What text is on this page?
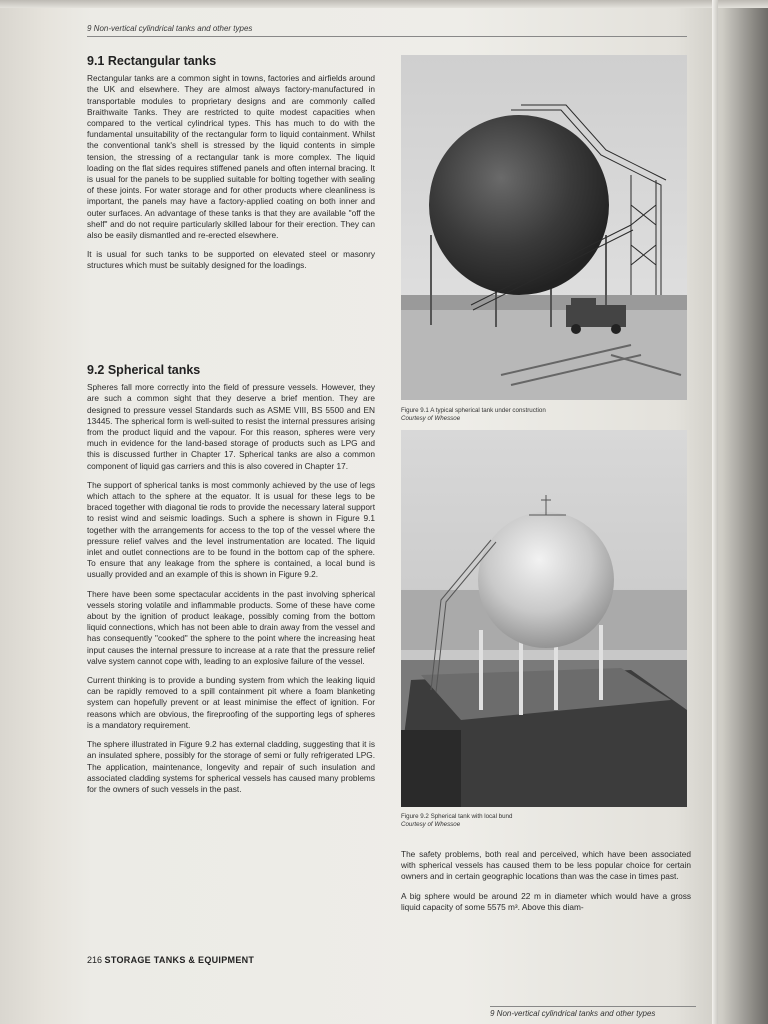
9 Non-vertical cylindrical tanks and other types
9.1 Rectangular tanks

Rectangular tanks are a common sight in towns, factories and airfields around the UK and elsewhere. They are almost always factory-manufactured in transportable modules to proprietary designs and are commonly called Braithwaite Tanks. They are restricted to quite modest capacities when compared to the vertical cylindrical types. This has much to do with the fundamental unsuitability of the rectangular form to liquid containment. Whilst the conventional tank's shell is stressed by the liquid contents in simple tension, the stressing of a rectangular tank is more complex. The liquid loading on the flat sides requires stiffened panels and often internal bracing. It is usual for the panels to be supplied suitable for bolting together with sealing of these joints. For water storage and for other products where cleanliness is important, the panels may have a factory-applied coating on both inner and outer surfaces. An advantage of these tanks is that they are available "off the shelf" and do not require particularly skilled labour for their erection. They can also be easily dismantled and re-erected elsewhere.

It is usual for such tanks to be supported on elevated steel or masonry structures which must be suitably designed for the loadings.

9.2 Spherical tanks

Spheres fall more correctly into the field of pressure vessels. However, they are such a common sight that they deserve a brief mention. They are designed to pressure vessel Standards such as ASME VIII, BS 5500 and EN 13445. The spherical form is well-suited to resist the internal pressures arising from the product liquid and the vapour. For this reason, spheres were very much in evidence for the land-based storage of products such as LPG and this is discussed further in Chapter 17. Spherical tanks are also a common component of liquid gas carriers and this is also covered in Chapter 17.

The support of spherical tanks is most commonly achieved by the use of legs which attach to the sphere at the equator. It is usual for these legs to be braced together with diagonal tie rods to provide the necessary lateral support to resist wind and seismic loadings. Such a sphere is shown in Figure 9.1 together with the arrangements for access to the top of the vessel where the pressure relief valves and the level instrumentation are located. The liquid inlet and outlet connections are to be found in the bottom cap of the sphere. To ensure that any leakage from the sphere is contained, a local bund is usually provided and an example of this is shown in Figure 9.2.

There have been some spectacular accidents in the past involving spherical vessels storing volatile and inflammable products. Some of these have come about by the ignition of product leakage, possibly coming from the bottom liquid connections, which has not been able to drain away from the vessel and has consequently "cooked" the sphere to the point where the increasing heat input causes the internal pressure to increase at a rate that the pressure relief valve system cannot cope with, leading to an explosive failure of the vessel.

Current thinking is to provide a bunding system from which the leaking liquid can be rapidly removed to a spill containment pit where a foam blanketing system can hopefully prevent or at least minimise the effect of ignition. For reasons which are obvious, the fireproofing of the supporting legs of spheres is a mandatory requirement.

The sphere illustrated in Figure 9.2 has external cladding, suggesting that it is an insulated sphere, possibly for the storage of semi or fully refrigerated LPG. The application, maintenance, longevity and repair of such insulation and associated cladding systems for spherical vessels has caused many problems for the owners of such vessels in the past.

Figure 9.1 A typical spherical tank under construction
Courtesy of Whessoe
Figure 9.2 Spherical tank with local bund
Courtesy of Whessoe

The safety problems, both real and perceived, which have been associated with spherical vessels has caused them to be less popular choice for certain owners and in certain geographic locations than was the case in times past.

A big sphere would be around 22 m in diameter which would have a gross liquid capacity of some 5575 m³. Above this diam-

216 STORAGE TANKS & EQUIPMENT
9 Non-vertical cylindrical tanks and other types
